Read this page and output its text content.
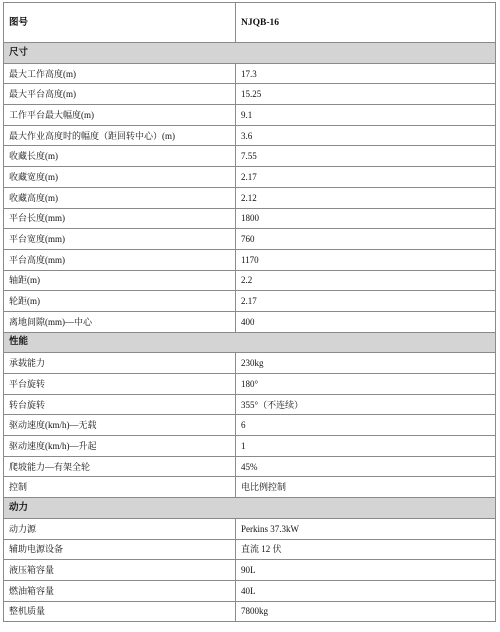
图号	NJQB-16
尺寸	
最大工作高度(m)	17.3
最大平台高度(m)	15.25
工作平台最大幅度(m)	9.1
最大作业高度时的幅度（距回转中心）(m)	3.6
收藏长度(m)	7.55
收藏宽度(m)	2.17
收藏高度(m)	2.12
平台长度(mm)	1800
平台宽度(mm)	760
平台高度(mm)	1170
轴距(m)	2.2
轮距(m)	2.17
离地间隙(mm)—中心	400
性能	
承载能力	230kg
平台旋转	180°
转台旋转	355°（不连续）
驱动速度(km/h)—无载	6
驱动速度(km/h)—升起	1
爬坡能力—有架全轮	45%
控制	电比例控制
动力	
动力源	Perkins 37.3kW
辅助电源设备	直流 12 伏
液压箱容量	90L
燃油箱容量	40L
整机质量	7800kg
